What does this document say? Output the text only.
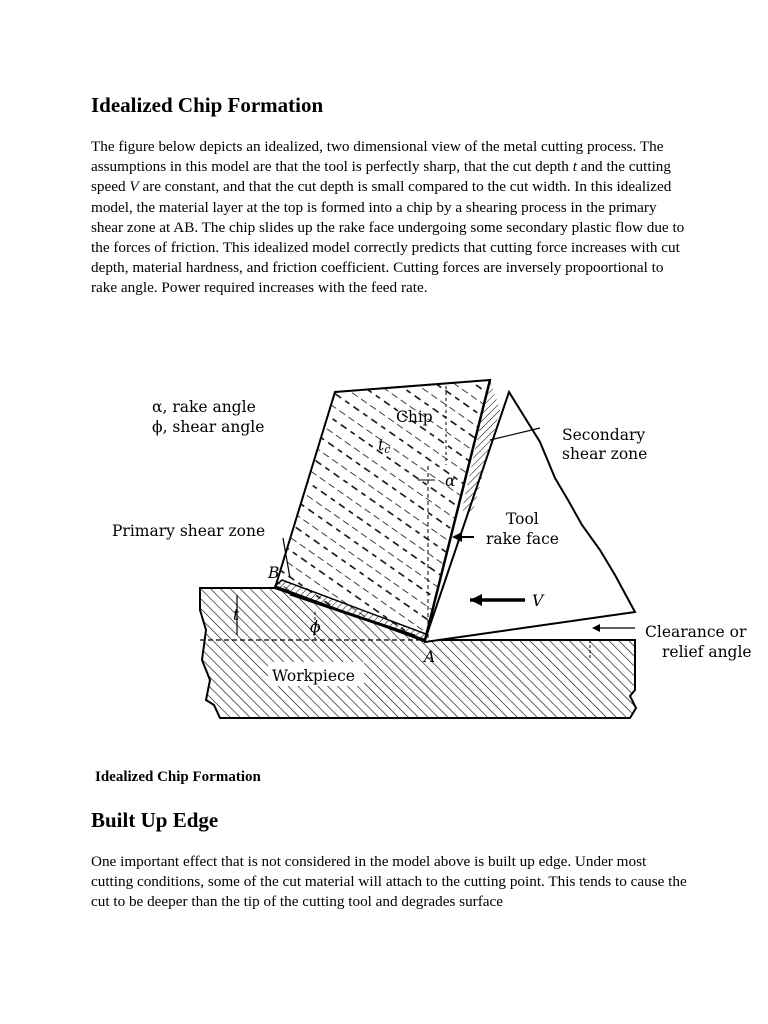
Idealized Chip Formation

The figure below depicts an idealized, two dimensional view of the metal cutting process. The assumptions in this model are that the tool is perfectly sharp, that the cut depth t and the cutting speed V are constant, and that the cut depth is small compared to the cut width. In this idealized model, the material layer at the top is formed into a chip by a shearing process in the primary shear zone at AB. The chip slides up the rake face undergoing some secondary plastic flow due to the forces of friction. This idealized model correctly predicts that cutting force increases with cut depth, material hardness, and friction coefficient. Cutting forces are inversely propoortional to rake angle. Power required increases with the feed rate.

α, rake angle
ϕ, shear angle
Chip
tc
α
Secondary
shear zone
Tool
rake face
Primary shear zone
B
t
ϕ
A
V
Clearance or
relief angle
Workpiece

Idealized Chip Formation

Built Up Edge

One important effect that is not considered in the model above is built up edge. Under most cutting conditions, some of the cut material will attach to the cutting point. This tends to cause the cut to be deeper than the tip of the cutting tool and degrades surface
